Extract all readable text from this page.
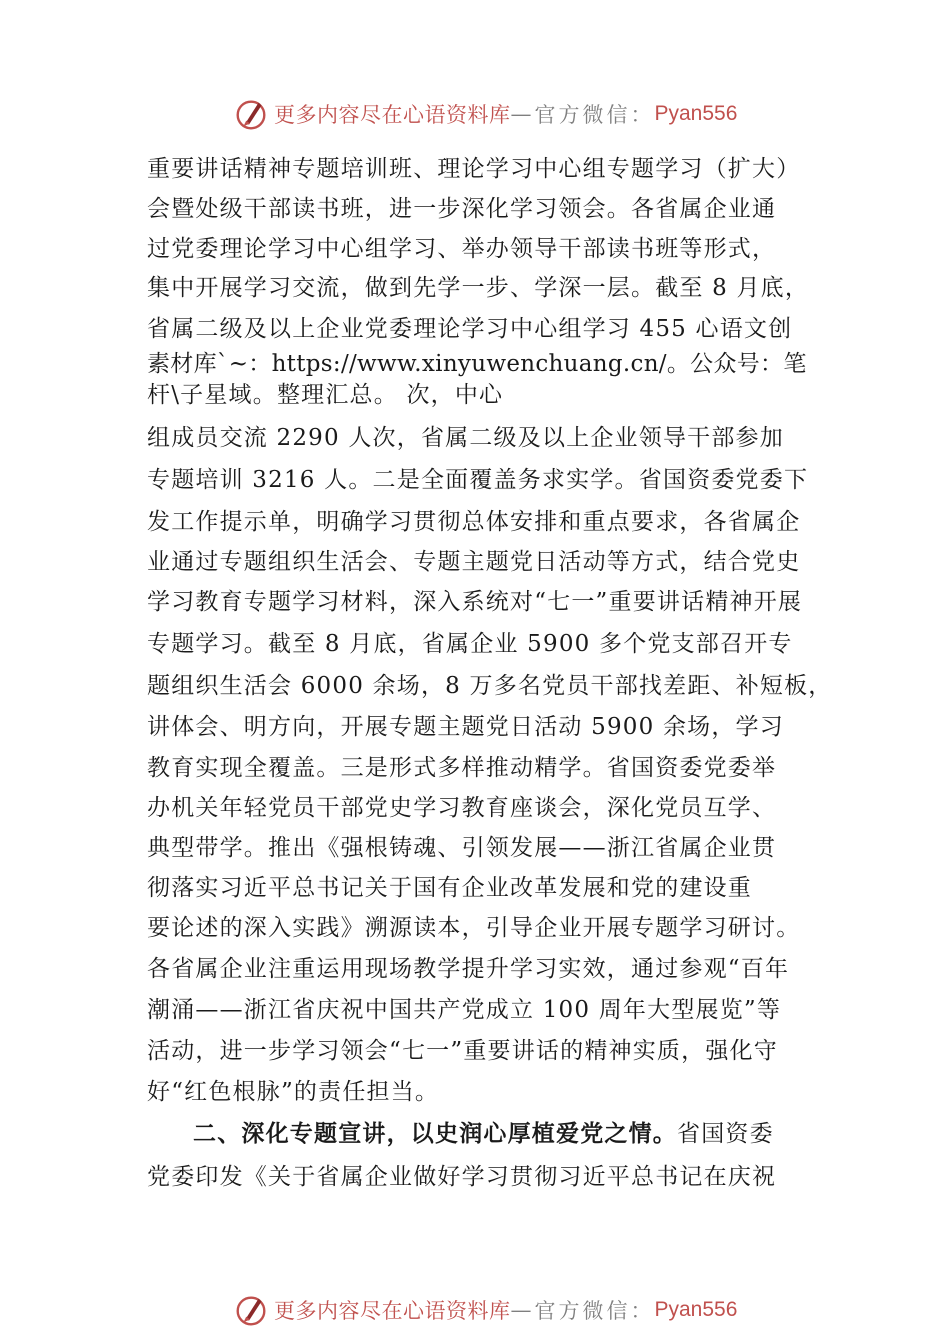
更多内容尽在心语资料库 — 官方微信： Pyan556
重要讲话精神专题培训班、理论学习中心组专题学习（扩大）
会暨处级干部读书班，进一步深化学习领会。各省属企业通
过党委理论学习中心组学习、举办领导干部读书班等形式，
集中开展学习交流，做到先学一步、学深一层。截至 8 月底，
省属二级及以上企业党委理论学习中心组学习 455 心语文创
素材库`~：https://www.xinyuwenchuang.cn/。公众号：笔
杆\子星域。整理汇总。 次，中心
组成员交流 2290 人次，省属二级及以上企业领导干部参加
专题培训 3216 人。二是全面覆盖务求实学。省国资委党委下
发工作提示单，明确学习贯彻总体安排和重点要求，各省属企
业通过专题组织生活会、专题主题党日活动等方式，结合党史
学习教育专题学习材料，深入系统对“七一”重要讲话精神开展
专题学习。截至 8 月底，省属企业 5900 多个党支部召开专
题组织生活会 6000 余场，8 万多名党员干部找差距、补短板，
讲体会、明方向，开展专题主题党日活动 5900 余场，学习
教育实现全覆盖。三是形式多样推动精学。省国资委党委举
办机关年轻党员干部党史学习教育座谈会，深化党员互学、
典型带学。推出《强根铸魂、引领发展——浙江省属企业贯
彻落实习近平总书记关于国有企业改革发展和党的建设重
要论述的深入实践》溯源读本，引导企业开展专题学习研讨。
各省属企业注重运用现场教学提升学习实效，通过参观“百年
潮涌——浙江省庆祝中国共产党成立 100 周年大型展览”等
活动，进一步学习领会“七一”重要讲话的精神实质，强化守
好“红色根脉”的责任担当。
二、深化专题宣讲，以史润心厚植爱党之情。省国资委
党委印发《关于省属企业做好学习贯彻习近平总书记在庆祝
更多内容尽在心语资料库 — 官方微信： Pyan556
